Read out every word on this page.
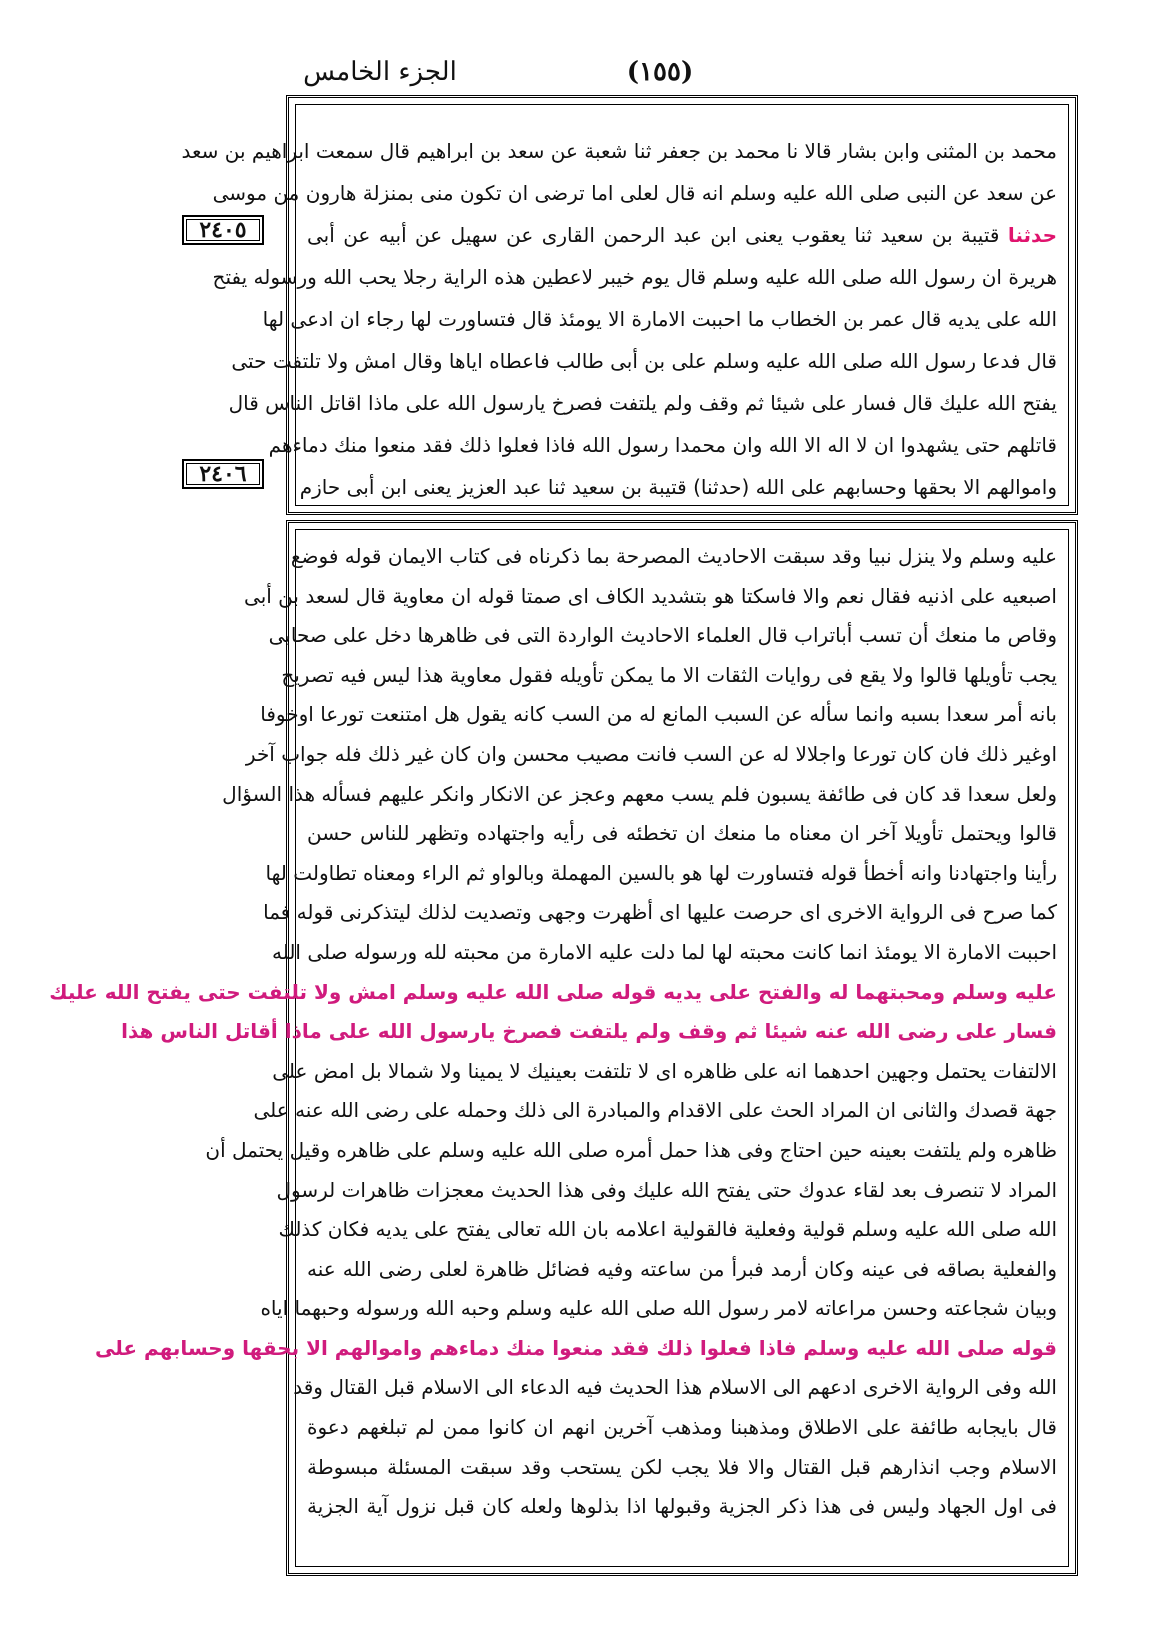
الجزء الخامس	(١٥٥)
٢٤٠٥
٢٤٠٦
محمد بن المثنى وابن بشار قالا نا محمد بن جعفر ثنا شعبة عن سعد بن ابراهيم قال سمعت ابراهيم بن سعد
عن سعد عن النبى صلى الله عليه وسلم انه قال لعلى اما ترضى ان تكون منى بمنزلة هارون من موسى
حدثنا قتيبة بن سعيد ثنا يعقوب يعنى ابن عبد الرحمن القارى عن سهيل عن أبيه عن أبى
هريرة ان رسول الله صلى الله عليه وسلم قال يوم خيبر لاعطين هذه الراية رجلا يحب الله ورسوله يفتح
الله على يديه قال عمر بن الخطاب ما احببت الامارة الا يومئذ قال فتساورت لها رجاء ان ادعى لها
قال فدعا رسول الله صلى الله عليه وسلم على بن أبى طالب فاعطاه اياها وقال امش ولا تلتفت حتى
يفتح الله عليك قال فسار على شيئا ثم وقف ولم يلتفت فصرخ يارسول الله على ماذا اقاتل الناس قال
قاتلهم حتى يشهدوا ان لا اله الا الله وان محمدا رسول الله فاذا فعلوا ذلك فقد منعوا منك دماءهم
واموالهم الا بحقها وحسابهم على الله (حدثنا) قتيبة بن سعيد ثنا عبد العزيز يعنى ابن أبى حازم
عليه وسلم ولا ينزل نبيا وقد سبقت الاحاديث المصرحة بما ذكرناه فى كتاب الايمان قوله فوضع
اصبعيه على اذنيه فقال نعم والا فاسكتا هو بتشديد الكاف اى صمتا قوله ان معاوية قال لسعد بن أبى
وقاص ما منعك أن تسب أباتراب قال العلماء الاحاديث الواردة التى فى ظاهرها دخل على صحابى
يجب تأويلها قالوا ولا يقع فى روايات الثقات الا ما يمكن تأويله فقول معاوية هذا ليس فيه تصريح
بانه أمر سعدا بسبه وانما سأله عن السبب المانع له من السب كانه يقول هل امتنعت تورعا اوخوفا
اوغير ذلك فان كان تورعا واجلالا له عن السب فانت مصيب محسن وان كان غير ذلك فله جواب آخر
ولعل سعدا قد كان فى طائفة يسبون فلم يسب معهم وعجز عن الانكار وانكر عليهم فسأله هذا السؤال
قالوا ويحتمل تأويلا آخر ان معناه ما منعك ان تخطئه فى رأيه واجتهاده وتظهر للناس حسن
رأينا واجتهادنا وانه أخطأ قوله فتساورت لها هو بالسين المهملة وبالواو ثم الراء ومعناه تطاولت لها
كما صرح فى الرواية الاخرى اى حرصت عليها اى أظهرت وجهى وتصديت لذلك ليتذكرنى قوله فما
احببت الامارة الا يومئذ انما كانت محبته لها لما دلت عليه الامارة من محبته لله ورسوله صلى الله
عليه وسلم ومحبتهما له والفتح على يديه قوله صلى الله عليه وسلم امش ولا تلتفت حتى يفتح الله عليك
فسار على رضى الله عنه شيئا ثم وقف ولم يلتفت فصرخ يارسول الله على ماذا أقاتل الناس هذا
الالتفات يحتمل وجهين احدهما انه على ظاهره اى لا تلتفت بعينيك لا يمينا ولا شمالا بل امض على
جهة قصدك والثانى ان المراد الحث على الاقدام والمبادرة الى ذلك وحمله على رضى الله عنه على
ظاهره ولم يلتفت بعينه حين احتاج وفى هذا حمل أمره صلى الله عليه وسلم على ظاهره وقيل يحتمل أن
المراد لا تنصرف بعد لقاء عدوك حتى يفتح الله عليك وفى هذا الحديث معجزات ظاهرات لرسول
الله صلى الله عليه وسلم قولية وفعلية فالقولية اعلامه بان الله تعالى يفتح على يديه فكان كذلك
والفعلية بصاقه فى عينه وكان أرمد فبرأ من ساعته وفيه فضائل ظاهرة لعلى رضى الله عنه
وبيان شجاعته وحسن مراعاته لامر رسول الله صلى الله عليه وسلم وحبه الله ورسوله وحبهما اياه
قوله صلى الله عليه وسلم فاذا فعلوا ذلك فقد منعوا منك دماءهم واموالهم الا بحقها وحسابهم على
الله وفى الرواية الاخرى ادعهم الى الاسلام هذا الحديث فيه الدعاء الى الاسلام قبل القتال وقد
قال بايجابه طائفة على الاطلاق ومذهبنا ومذهب آخرين انهم ان كانوا ممن لم تبلغهم دعوة
الاسلام وجب انذارهم قبل القتال والا فلا يجب لكن يستحب وقد سبقت المسئلة مبسوطة
فى اول الجهاد وليس فى هذا ذكر الجزية وقبولها اذا بذلوها ولعله كان قبل نزول آية الجزية
